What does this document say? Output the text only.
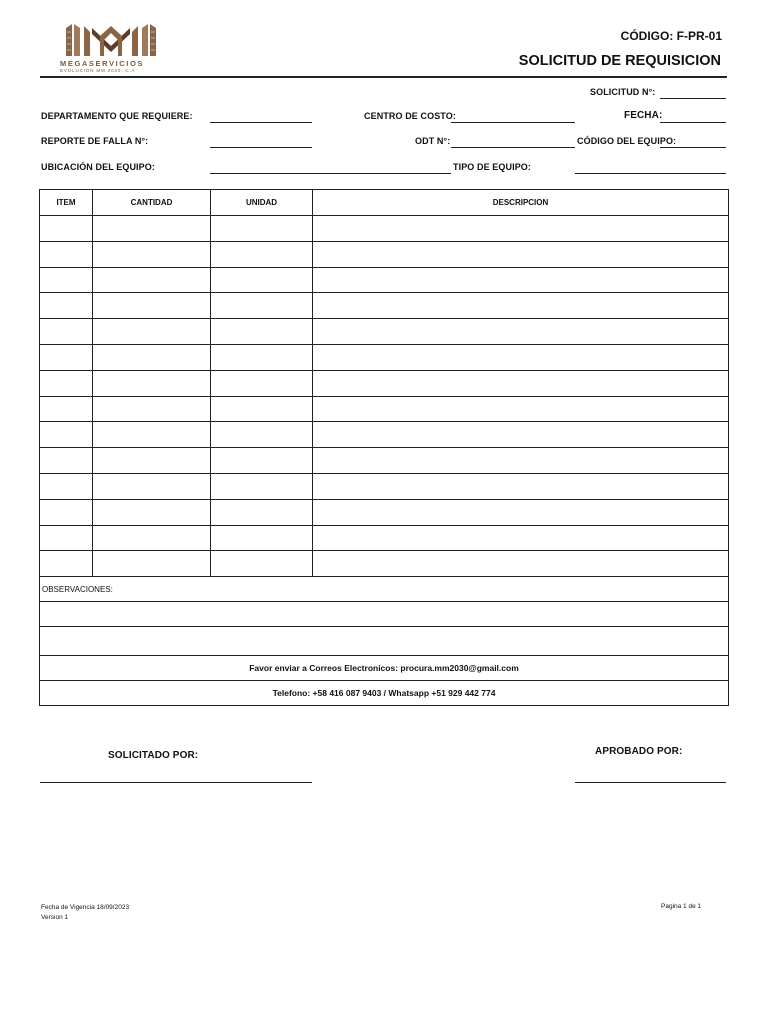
MEGASERVICIOS
EVOLUCIÓN MM 2030, C.A
CÓDIGO: F-PR-01
SOLICITUD DE REQUISICION
SOLICITUD N°:
DEPARTAMENTO QUE REQUIERE:	CENTRO DE COSTO:	FECHA:
REPORTE DE FALLA N°:	ODT N°:	CÓDIGO DEL EQUIPO:
UBICACIÓN DEL EQUIPO:	TIPO DE EQUIPO:
ITEM	CANTIDAD	UNIDAD	DESCRIPCION

OBSERVACIONES:			

Favor enviar a Correos Electronicos: procura.mm2030@gmail.com			
Telefono: +58 416 087 9403 / Whatsapp +51 929 442 774			
SOLICITADO POR:	APROBADO POR:
Fecha de Vigencia 18/09/2023
Version 1
Pagina 1 de 1
